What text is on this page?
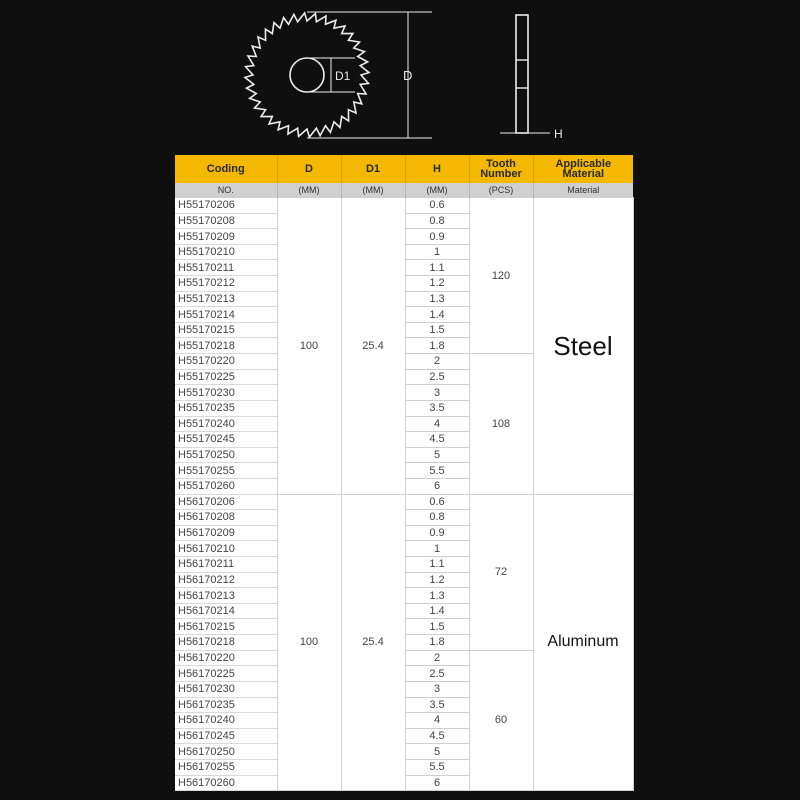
D1	D
H
Coding	D	D1	H	Tooth Number	Applicable Material
NO.	(MM)	(MM)	(MM)	(PCS)	Material
H55170206	100	25.4	0.6	120	Steel
H55170208			0.8		
H55170209			0.9		
H55170210			1		
H55170211			1.1		
H55170212			1.2		
H55170213			1.3		
H55170214			1.4		
H55170215			1.5		
H55170218			1.8		
H55170220			2	108	
H55170225			2.5		
H55170230			3		
H55170235			3.5		
H55170240			4		
H55170245			4.5		
H55170250			5		
H55170255			5.5		
H55170260			6		
H56170206	100	25.4	0.6	72	Aluminum
H56170208			0.8		
H56170209			0.9		
H56170210			1		
H56170211			1.1		
H56170212			1.2		
H56170213			1.3		
H56170214			1.4		
H56170215			1.5		
H56170218			1.8		
H56170220			2	60	
H56170225			2.5		
H56170230			3		
H56170235			3.5		
H56170240			4		
H56170245			4.5		
H56170250			5		
H56170255			5.5		
H56170260			6		
